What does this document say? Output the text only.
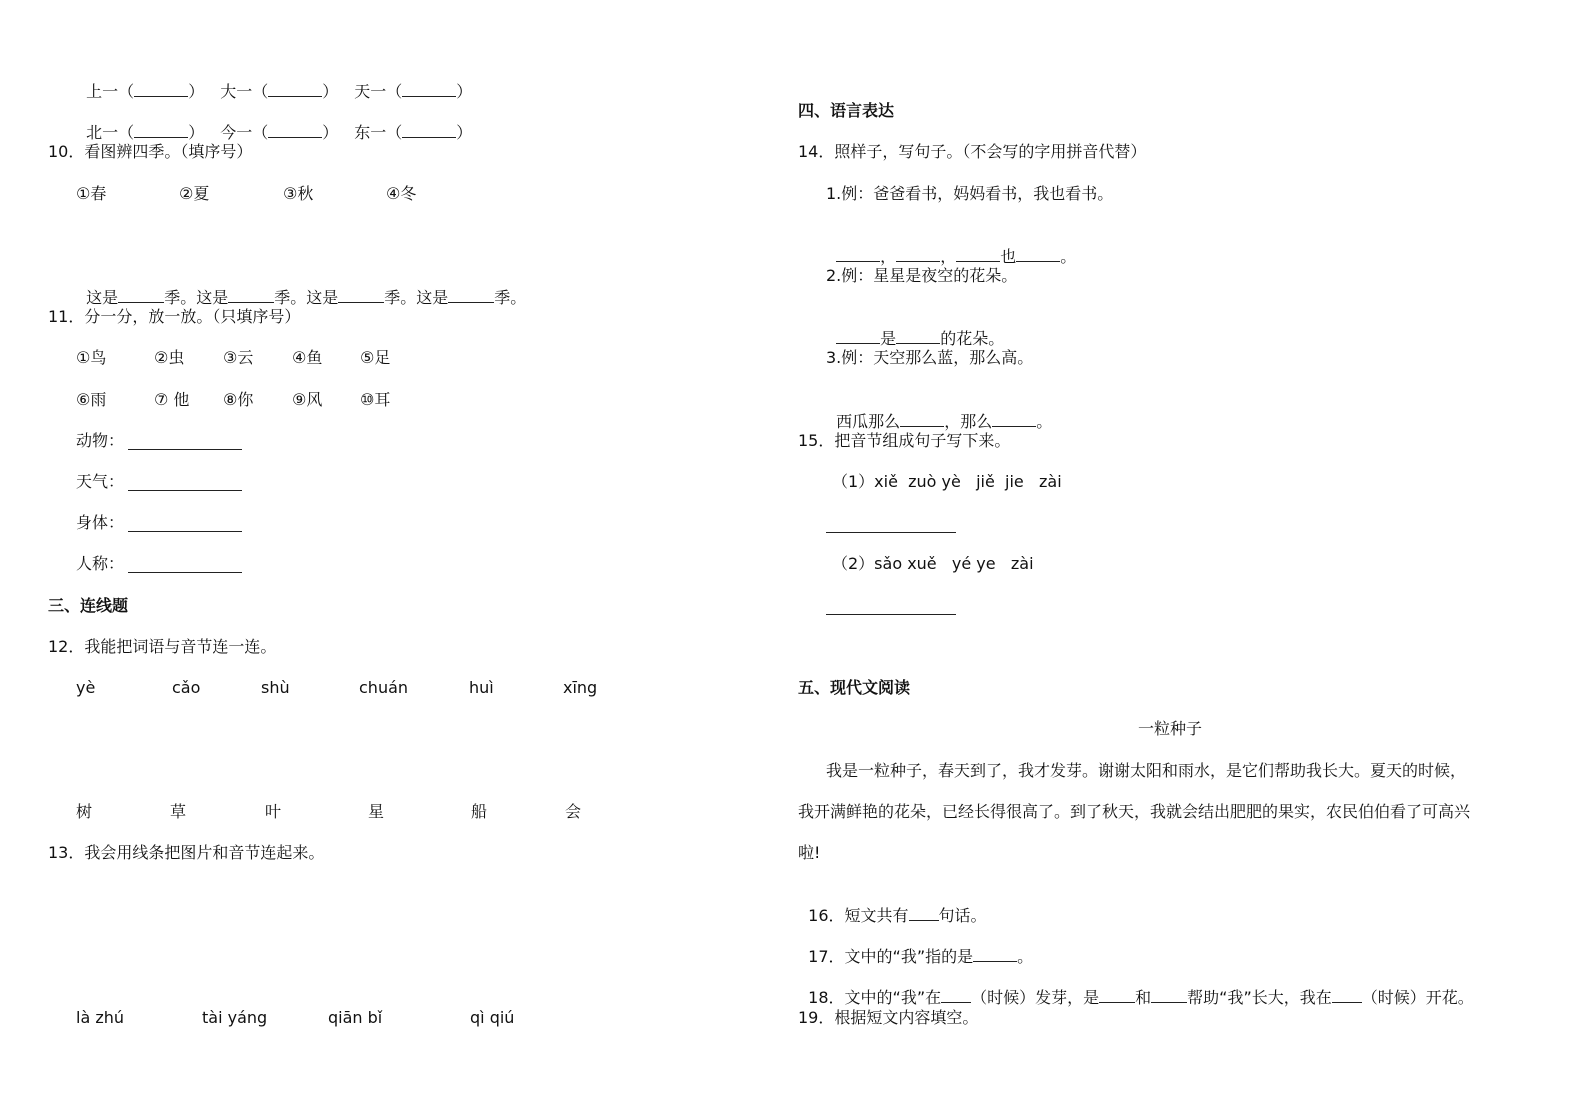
上一（	） 大一（	） 天一（	）

北一（	） 今一（	） 东一（	）

10．看图辨四季。（填序号）
①春	②夏	③秋	④冬

这是	季。这是	季。这是	季。这是	季。

11．分一分，放一放。（只填序号）
①鸟	②虫 ③云 ④鱼 ⑤足
⑥雨	⑦ 他 ⑧你 ⑨风 ⑩耳
动物：
天气：
身体：
人称：
三、连线题
12．我能把词语与音节连一连。
yè	cǎo	shù	chuán	huì	xīng
树	草	叶	星	船	会
13．我会用线条把图片和音节连起来。
là zhú	tài yáng	qiān bǐ	qì qiú
四、语言表达
14．照样子，写句子。（不会写的字用拼音代替）
1.例：爸爸看书，妈妈看书，我也看书。

，	，	也	。

2.例：星星是夜空的花朵。

是	的花朵。

3.例：天空那么蓝，那么高。

西瓜那么	，那么	。

15．把音节组成句子写下来。
（1）xiě  zuò yè   jiě  jie   zài
（2）sǎo xuě   yé ye   zài
五、现代文阅读
一粒种子
我是一粒种子，春天到了，我才发芽。谢谢太阳和雨水，是它们帮助我长大。夏天的时候，
我开满鲜艳的花朵，已经长得很高了。到了秋天，我就会结出肥肥的果实，农民伯伯看了可高兴
啦!

16．短文共有 句话。

17．文中的“我”指的是	。

18．文中的“我”在 （时候）发芽，是 和 帮助“我”长大，我在 （时候）开花。

19．根据短文内容填空。
